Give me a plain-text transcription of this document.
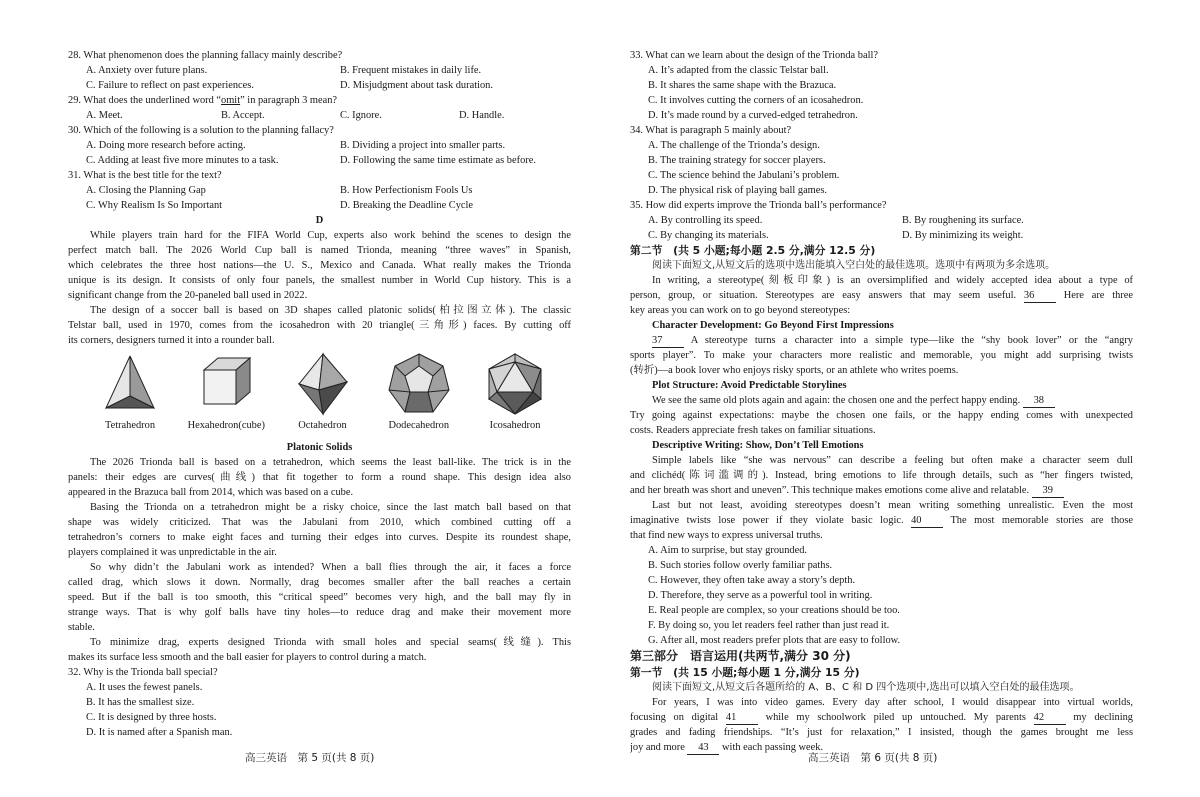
28. What phenomenon does the planning fallacy mainly describe?
A. Anxiety over future plans.	B. Frequent mistakes in daily life.
C. Failure to reflect on past experiences.	D. Misjudgment about task duration.
29. What does the underlined word “omit” in paragraph 3 mean?
A. Meet.	B. Accept.	C. Ignore.	D. Handle.
30. Which of the following is a solution to the planning fallacy?
A. Doing more research before acting.	B. Dividing a project into smaller parts.
C. Adding at least five more minutes to a task.	D. Following the same time estimate as before.
31. What is the best title for the text?
A. Closing the Planning Gap	B. How Perfectionism Fools Us
C. Why Realism Is So Important	D. Breaking the Deadline Cycle
D
While players train hard for the FIFA World Cup, experts also work behind the scenes to design the
perfect match ball. The 2026 World Cup ball is named Trionda, meaning “three waves” in Spanish,
which celebrates the three host nations—the U. S., Mexico and Canada. What really makes the Trionda
unique is its design. It consists of only four panels, the smallest number in World Cup history. This is a
significant change from the 20-paneled ball used in 2022.
The design of a soccer ball is based on 3D shapes called platonic solids(柏拉图立体). The classic
Telstar ball, used in 1970, comes from the icosahedron with 20 triangle(三角形) faces. By cutting off
its corners, designers turned it into a rounder ball.
Tetrahedron	Hexahedron(cube)	Octahedron	Dodecahedron	Icosahedron
Platonic Solids
The 2026 Trionda ball is based on a tetrahedron, which seems the least ball-like. The trick is in the
panels: their edges are curves(曲线) that fit together to form a round shape. This design idea also
appeared in the Brazuca ball from 2014, which was based on a cube.
Basing the Trionda on a tetrahedron might be a risky choice, since the last match ball based on that
shape was widely criticized. That was the Jabulani from 2010, which combined cutting off a
tetrahedron’s corners to make eight faces and turning their edges into curves. Despite its roundest shape,
players complained it was unpredictable in the air.
So why didn’t the Jabulani work as intended? When a ball flies through the air, it faces a force
called drag, which slows it down. Normally, drag becomes smaller after the ball reaches a certain
speed. But if the ball is too smooth, this “critical speed” becomes very high, and the ball may fly in
strange ways. That is why golf balls have tiny holes—to reduce drag and make their movement more
stable.
To minimize drag, experts designed Trionda with small holes and special seams(线缝). This
makes its surface less smooth and the ball easier for players to control during a match.
32. Why is the Trionda ball special?
A. It uses the fewest panels.
B. It has the smallest size.
C. It is designed by three hosts.
D. It is named after a Spanish man.
高三英语　第 5 页(共 8 页)
33. What can we learn about the design of the Trionda ball?
A. It’s adapted from the classic Telstar ball.
B. It shares the same shape with the Brazuca.
C. It involves cutting the corners of an icosahedron.
D. It’s made round by a curved-edged tetrahedron.
34. What is paragraph 5 mainly about?
A. The challenge of the Trionda’s design.
B. The training strategy for soccer players.
C. The science behind the Jabulani’s problem.
D. The physical risk of playing ball games.
35. How did experts improve the Trionda ball’s performance?
A. By controlling its speed.	B. By roughening its surface.
C. By changing its materials.	D. By minimizing its weight.
第二节　(共 5 小题;每小题 2.5 分,满分 12.5 分)
阅读下面短文,从短文后的选项中选出能填入空白处的最佳选项。选项中有两项为多余选项。
In writing, a stereotype(刻板印象) is an oversimplified and widely accepted idea about a type of
person, group, or situation. Stereotypes are easy answers that may seem useful. 36	Here are three
key areas you can work on to go beyond stereotypes:
Character Development: Go Beyond First Impressions
37	A stereotype turns a character into a simple type—like the “shy book lover” or the “angry
sports player”. To make your characters more realistic and memorable, you might add surprising twists
(转折)—a book lover who enjoys risky sports, or an athlete who writes poems.
Plot Structure: Avoid Predictable Storylines
We see the same old plots again and again: the chosen one and the perfect happy ending. 38
Try going against expectations: maybe the chosen one fails, or the happy ending comes with unexpected
costs. Readers appreciate fresh takes on familiar situations.
Descriptive Writing: Show, Don’t Tell Emotions
Simple labels like “she was nervous” can describe a feeling but often make a character seem dull
and clichéd(陈词滥调的). Instead, bring emotions to life through details, such as “her fingers twisted,
and her breath was short and uneven”. This technique makes emotions come alive and relatable. 39
Last but not least, avoiding stereotypes doesn’t mean writing something unrealistic. Even the most
imaginative twists lose power if they violate basic logic. 40	The most memorable stories are those
that find new ways to express universal truths.
A. Aim to surprise, but stay grounded.
B. Such stories follow overly familiar paths.
C. However, they often take away a story’s depth.
D. Therefore, they serve as a powerful tool in writing.
E. Real people are complex, so your creations should be too.
F. By doing so, you let readers feel rather than just read it.
G. After all, most readers prefer plots that are easy to follow.
第三部分　语言运用(共两节,满分 30 分)
第一节　(共 15 小题;每小题 1 分,满分 15 分)
阅读下面短文,从短文后各题所给的 A、B、C 和 D 四个选项中,选出可以填入空白处的最佳选项。
For years, I was into video games. Every day after school, I would disappear into virtual worlds,
focusing on digital 41	while my schoolwork piled up untouched. My parents 42	my declining
grades and fading friendships. “It’s just for relaxation,” I insisted, though the games brought me less
joy and more 43 with each passing week.
高三英语　第 6 页(共 8 页)
